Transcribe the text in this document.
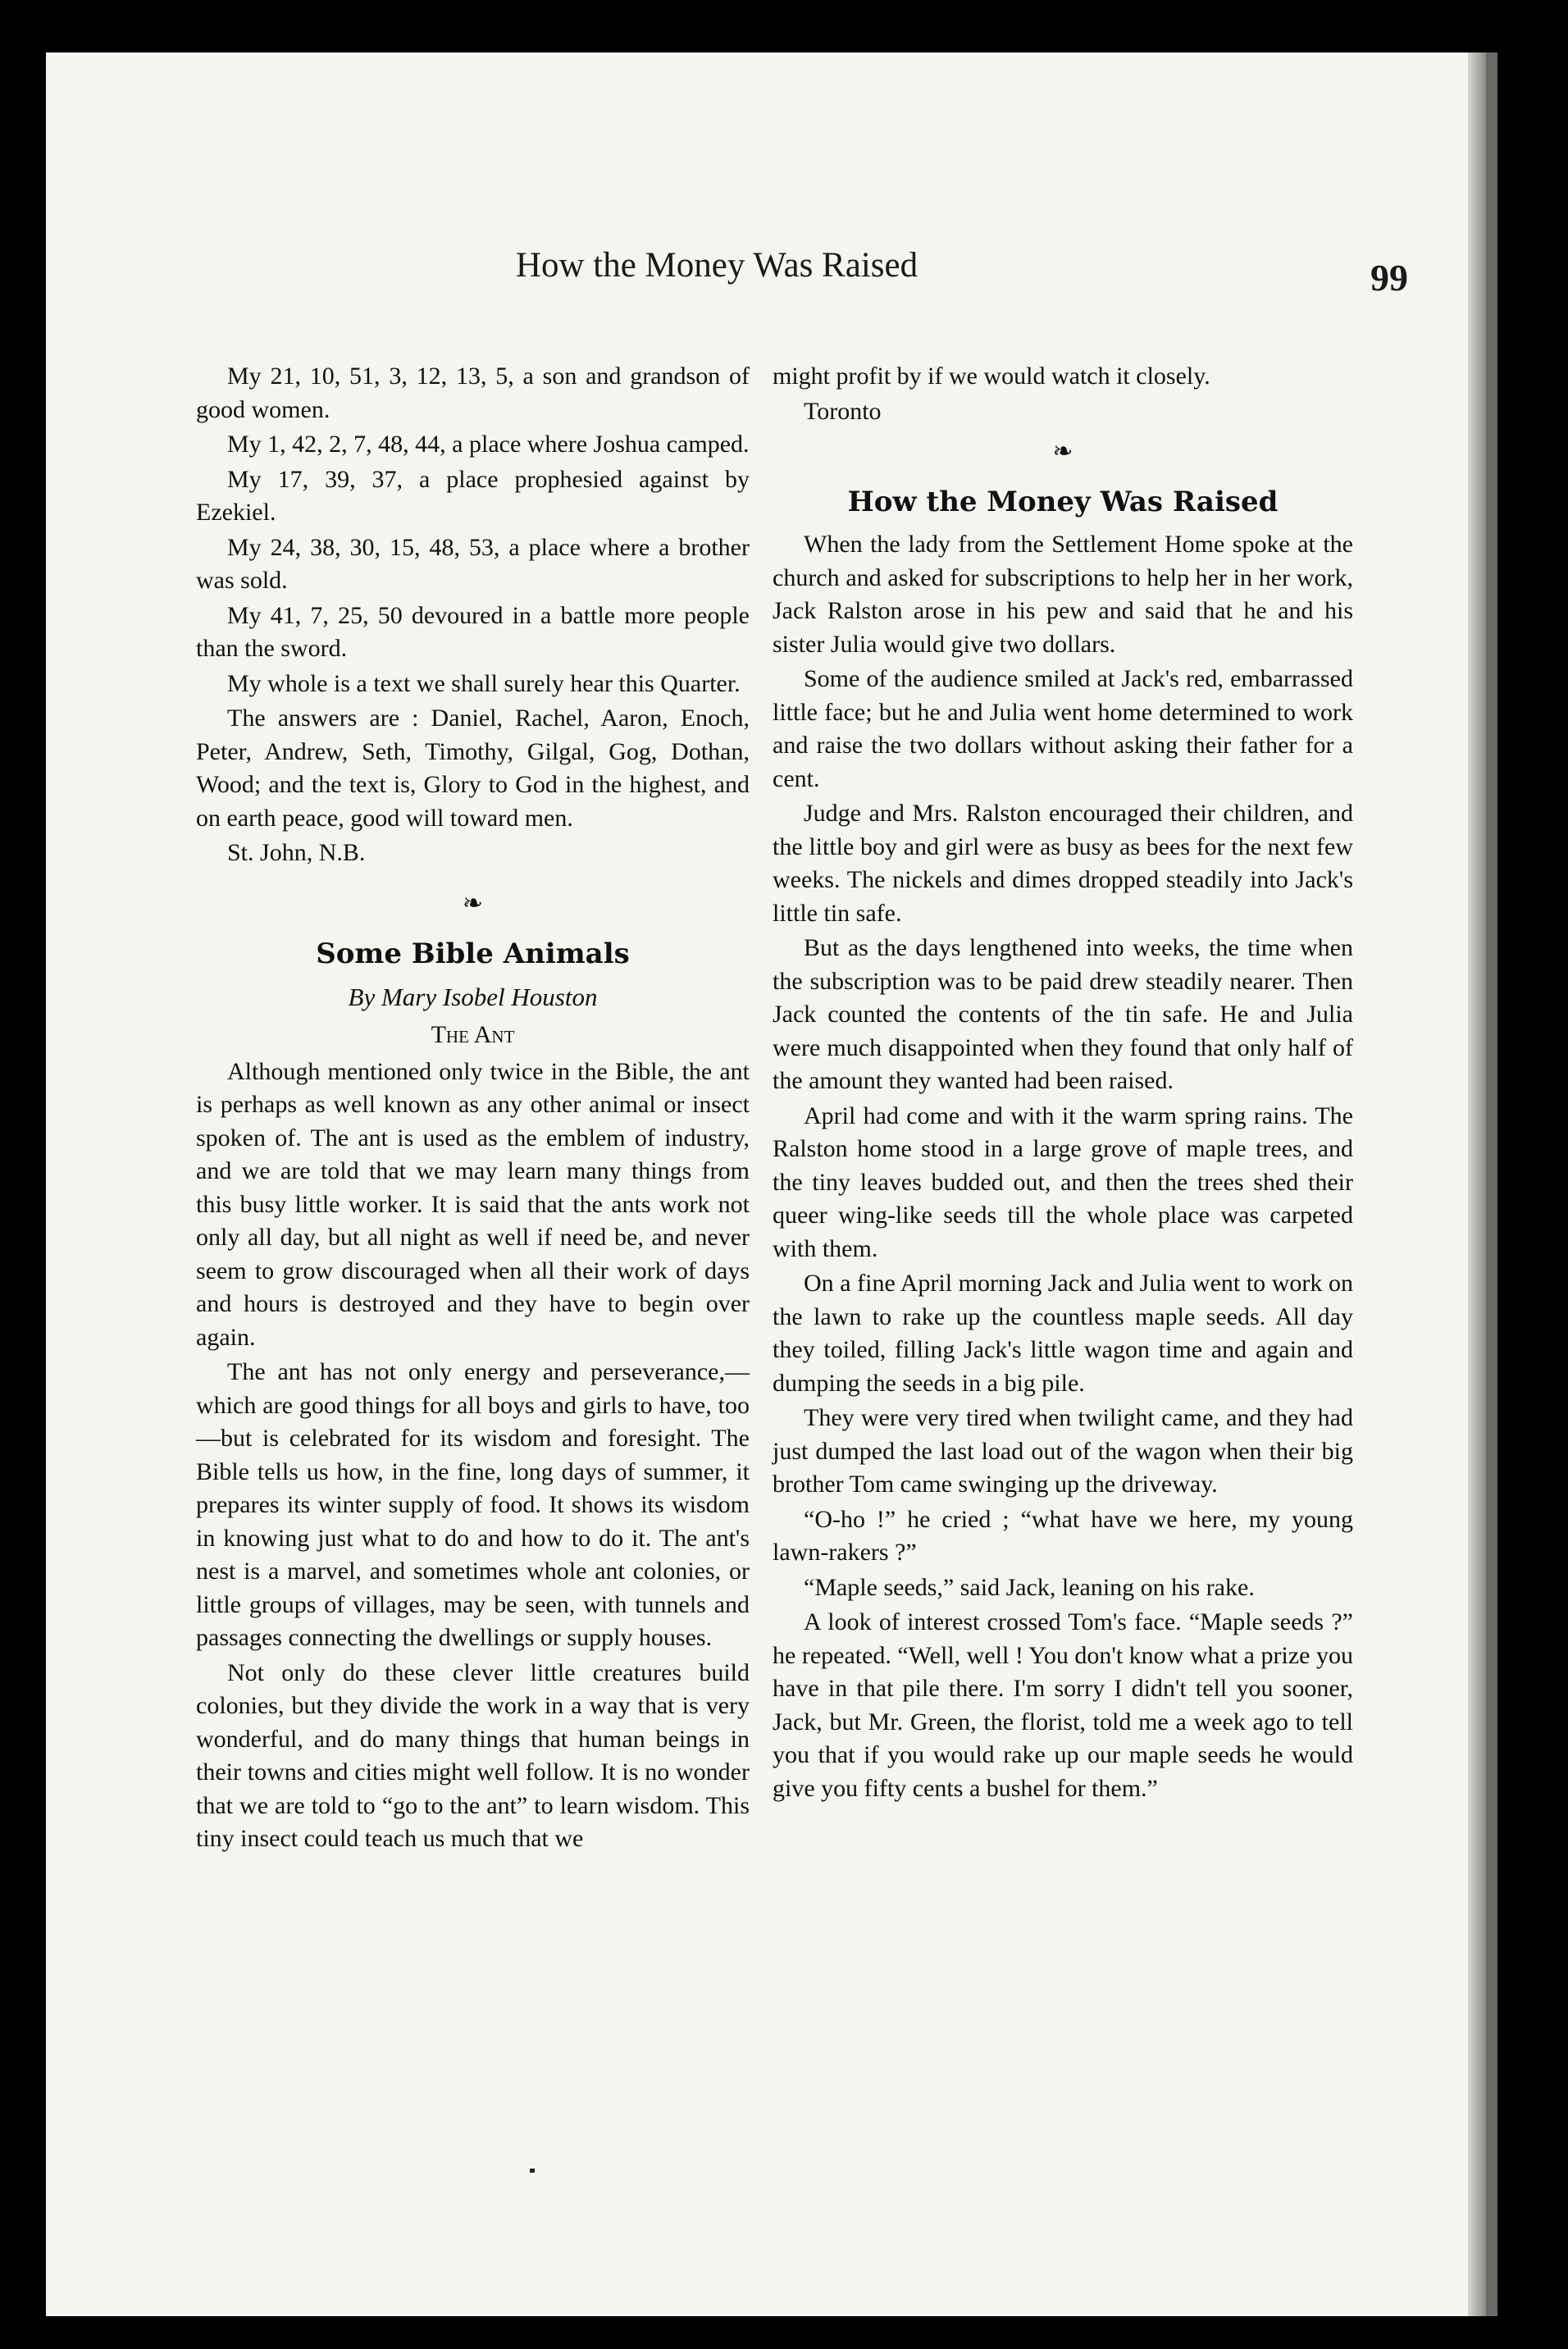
How the Money Was Raised	99

My 21, 10, 51, 3, 12, 13, 5, a son and grandson of good women.

My 1, 42, 2, 7, 48, 44, a place where Joshua camped.

My 17, 39, 37, a place prophesied against by Ezekiel.

My 24, 38, 30, 15, 48, 53, a place where a brother was sold.

My 41, 7, 25, 50 devoured in a battle more people than the sword.

My whole is a text we shall surely hear this Quarter.

The answers are : Daniel, Rachel, Aaron, Enoch, Peter, Andrew, Seth, Timothy, Gilgal, Gog, Dothan, Wood; and the text is, Glory to God in the highest, and on earth peace, good will toward men.

St. John, N.B.

❧
Some Bible Animals
By Mary Isobel Houston
The Ant

Although mentioned only twice in the Bible, the ant is perhaps as well known as any other animal or insect spoken of. The ant is used as the emblem of industry, and we are told that we may learn many things from this busy little worker. It is said that the ants work not only all day, but all night as well if need be, and never seem to grow discouraged when all their work of days and hours is destroyed and they have to begin over again.

The ant has not only energy and perseverance,—which are good things for all boys and girls to have, too—but is celebrated for its wisdom and foresight. The Bible tells us how, in the fine, long days of summer, it prepares its winter supply of food. It shows its wisdom in knowing just what to do and how to do it. The ant's nest is a marvel, and sometimes whole ant colonies, or little groups of villages, may be seen, with tunnels and passages connecting the dwellings or supply houses.

Not only do these clever little creatures build colonies, but they divide the work in a way that is very wonderful, and do many things that human beings in their towns and cities might well follow. It is no wonder that we are told to “go to the ant” to learn wisdom. This tiny insect could teach us much that we

might profit by if we would watch it closely.

Toronto

❧
How the Money Was Raised

When the lady from the Settlement Home spoke at the church and asked for subscriptions to help her in her work, Jack Ralston arose in his pew and said that he and his sister Julia would give two dollars.

Some of the audience smiled at Jack's red, embarrassed little face; but he and Julia went home determined to work and raise the two dollars without asking their father for a cent.

Judge and Mrs. Ralston encouraged their children, and the little boy and girl were as busy as bees for the next few weeks. The nickels and dimes dropped steadily into Jack's little tin safe.

But as the days lengthened into weeks, the time when the subscription was to be paid drew steadily nearer. Then Jack counted the contents of the tin safe. He and Julia were much disappointed when they found that only half of the amount they wanted had been raised.

April had come and with it the warm spring rains. The Ralston home stood in a large grove of maple trees, and the tiny leaves budded out, and then the trees shed their queer wing-like seeds till the whole place was carpeted with them.

On a fine April morning Jack and Julia went to work on the lawn to rake up the countless maple seeds. All day they toiled, filling Jack's little wagon time and again and dumping the seeds in a big pile.

They were very tired when twilight came, and they had just dumped the last load out of the wagon when their big brother Tom came swinging up the driveway.

“O-ho !” he cried ; “what have we here, my young lawn-rakers ?”

“Maple seeds,” said Jack, leaning on his rake.

A look of interest crossed Tom's face. “Maple seeds ?” he repeated. “Well, well ! You don't know what a prize you have in that pile there. I'm sorry I didn't tell you sooner, Jack, but Mr. Green, the florist, told me a week ago to tell you that if you would rake up our maple seeds he would give you fifty cents a bushel for them.”
